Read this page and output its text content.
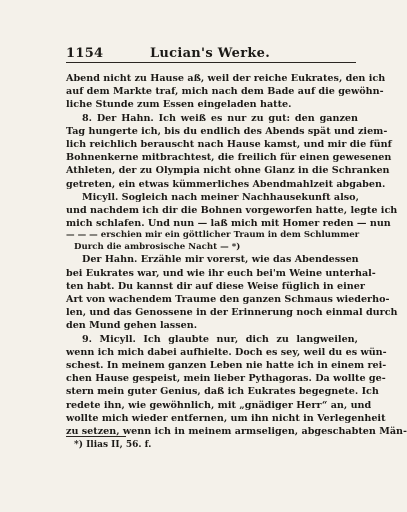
1154	Lucian's Werke.
Abend nicht zu Hause aß, weil der reiche Eukrates, den ich
auf dem Markte traf, mich nach dem Bade auf die gewöhn-
liche Stunde zum Essen eingeladen hatte.
8. Der Hahn. Ich weiß es nur zu gut: den ganzen
Tag hungerte ich, bis du endlich des Abends spät und ziem-
lich reichlich berauscht nach Hause kamst, und mir die fünf
Bohnenkerne mitbrachtest, die freilich für einen gewesenen
Athleten, der zu Olympia nicht ohne Glanz in die Schranken
getreten, ein etwas kümmerliches Abendmahlzeit abgaben.
Micyll. Sogleich nach meiner Nachhausekunft also,
und nachdem ich dir die Bohnen vorgeworfen hatte, legte ich
mich schlafen. Und nun — laß mich mit Homer reden — nun
— — — erschien mir ein göttlicher Traum in dem Schlummer
Durch die ambrosische Nacht — *)
Der Hahn. Erzähle mir vorerst, wie das Abendessen
bei Eukrates war, und wie ihr euch bei'm Weine unterhal-
ten habt. Du kannst dir auf diese Weise füglich in einer
Art von wachendem Traume den ganzen Schmaus wiederho-
len, und das Genossene in der Erinnerung noch einmal durch
den Mund gehen lassen.
9. Micyll. Ich glaubte nur, dich zu langweilen,
wenn ich mich dabei aufhielte. Doch es sey, weil du es wün-
schest. In meinem ganzen Leben nie hatte ich in einem rei-
chen Hause gespeist, mein lieber Pythagoras. Da wollte ge-
stern mein guter Genius, daß ich Eukrates begegnete. Ich
redete ihn, wie gewöhnlich, mit „gnädiger Herr“ an, und
wollte mich wieder entfernen, um ihn nicht in Verlegenheit
zu setzen, wenn ich in meinem armseligen, abgeschabten Män-
*) Ilias II, 56. f.
